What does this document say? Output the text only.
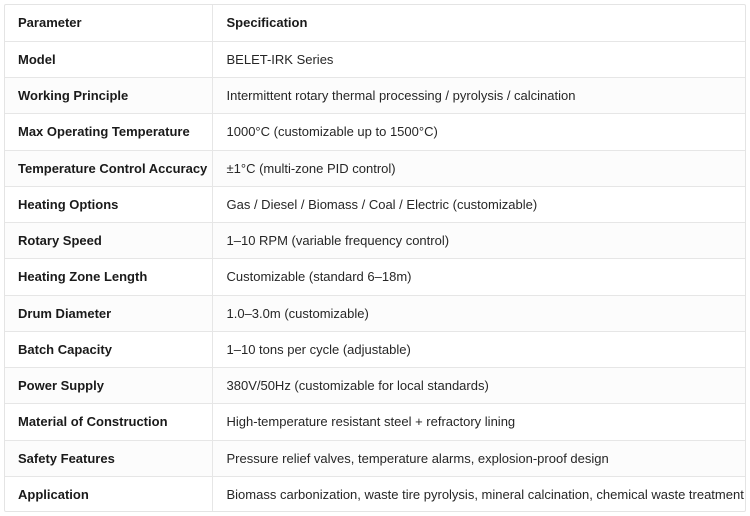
Parameter	Specification
Model	BELET-IRK Series
Working Principle	Intermittent rotary thermal processing / pyrolysis / calcination
Max Operating Temperature	1000°C (customizable up to 1500°C)
Temperature Control Accuracy	±1°C (multi-zone PID control)
Heating Options	Gas / Diesel / Biomass / Coal / Electric (customizable)
Rotary Speed	1–10 RPM (variable frequency control)
Heating Zone Length	Customizable (standard 6–18m)
Drum Diameter	1.0–3.0m (customizable)
Batch Capacity	1–10 tons per cycle (adjustable)
Power Supply	380V/50Hz (customizable for local standards)
Material of Construction	High-temperature resistant steel + refractory lining
Safety Features	Pressure relief valves, temperature alarms, explosion-proof design
Application	Biomass carbonization, waste tire pyrolysis, mineral calcination, chemical waste treatment
